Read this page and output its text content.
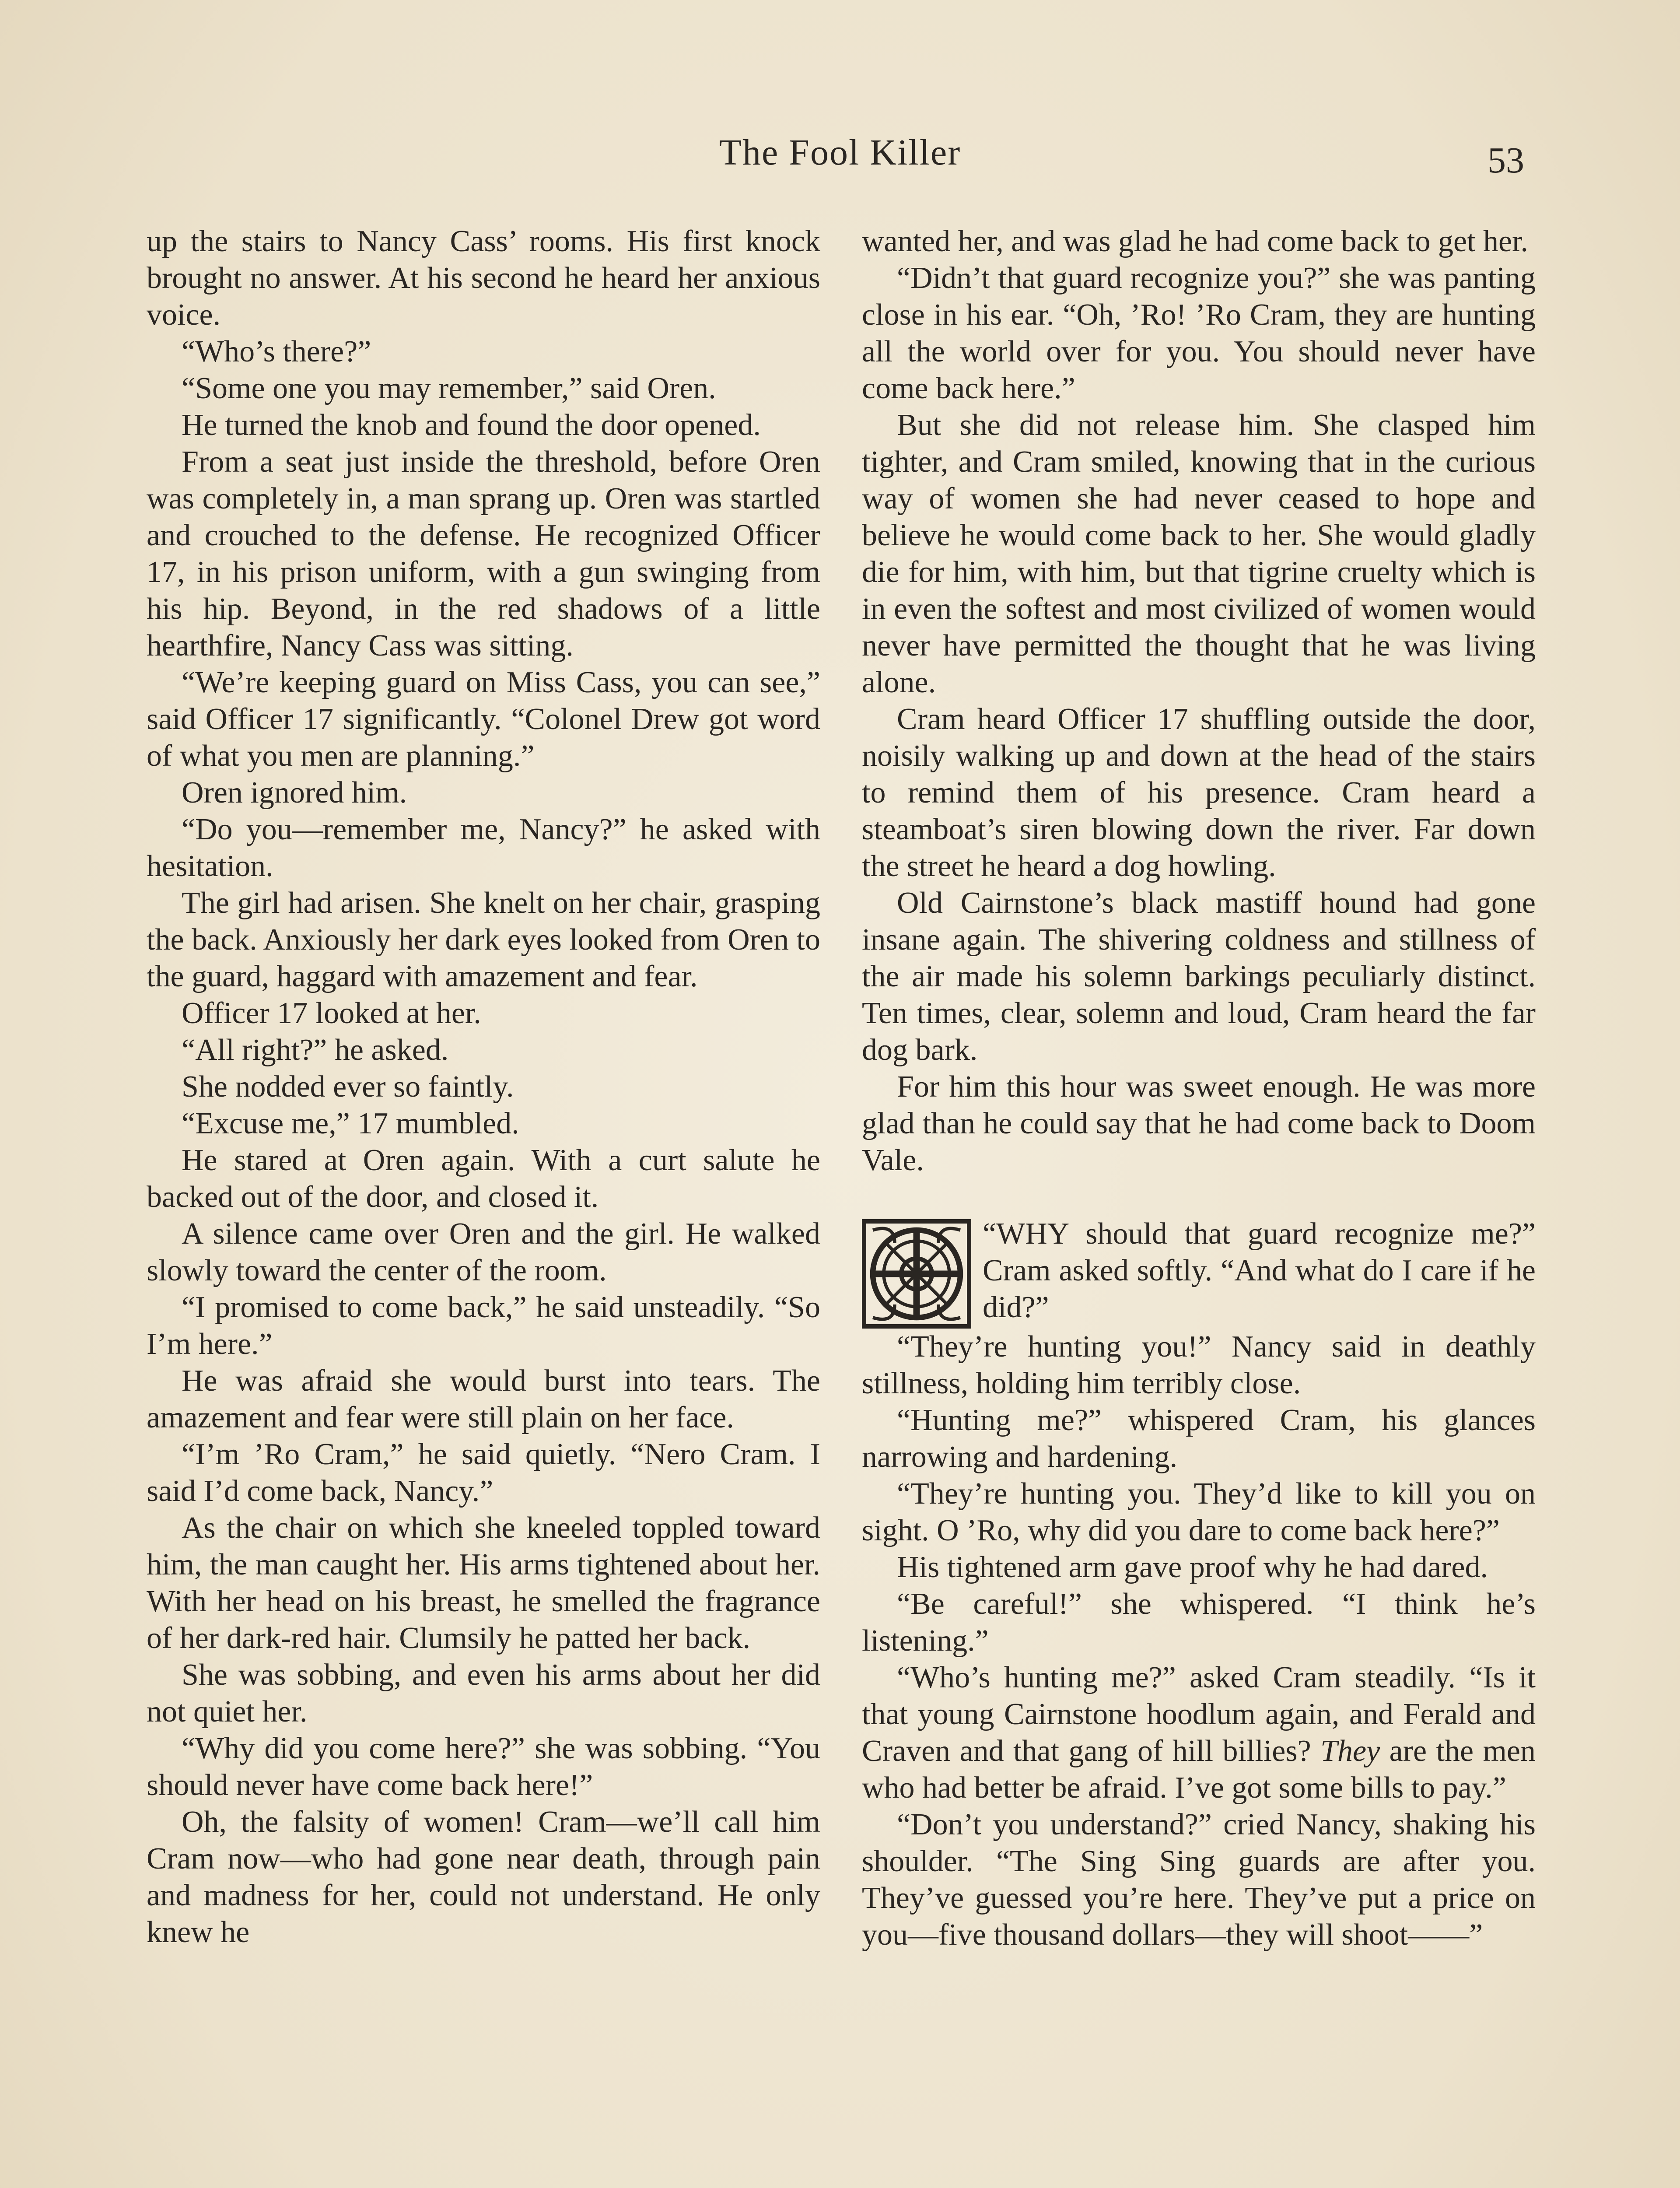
The Fool Killer	53

up the stairs to Nancy Cass’ rooms. His first knock brought no answer. At his second he heard her anxious voice.

“Who’s there?”

“Some one you may remember,” said Oren.

He turned the knob and found the door opened.

From a seat just inside the threshold, before Oren was completely in, a man sprang up. Oren was startled and crouched to the defense. He recognized Officer 17, in his prison uniform, with a gun swinging from his hip. Beyond, in the red shadows of a little hearthfire, Nancy Cass was sitting.

“We’re keeping guard on Miss Cass, you can see,” said Officer 17 significantly. “Colonel Drew got word of what you men are planning.”

Oren ignored him.

“Do you—remember me, Nancy?” he asked with hesitation.

The girl had arisen. She knelt on her chair, grasping the back. Anxiously her dark eyes looked from Oren to the guard, haggard with amazement and fear.

Officer 17 looked at her.

“All right?” he asked.

She nodded ever so faintly.

“Excuse me,” 17 mumbled.

He stared at Oren again. With a curt salute he backed out of the door, and closed it.

A silence came over Oren and the girl. He walked slowly toward the center of the room.

“I promised to come back,” he said unsteadily. “So I’m here.”

He was afraid she would burst into tears. The amazement and fear were still plain on her face.

“I’m ’Ro Cram,” he said quietly. “Nero Cram. I said I’d come back, Nancy.”

As the chair on which she kneeled toppled toward him, the man caught her. His arms tightened about her. With her head on his breast, he smelled the fragrance of her dark-red hair. Clumsily he patted her back.

She was sobbing, and even his arms about her did not quiet her.

“Why did you come here?” she was sobbing. “You should never have come back here!”

Oh, the falsity of women! Cram—we’ll call him Cram now—who had gone near death, through pain and madness for her, could not understand. He only knew he

wanted her, and was glad he had come back to get her.

“Didn’t that guard recognize you?” she was panting close in his ear. “Oh, ’Ro! ’Ro Cram, they are hunting all the world over for you. You should never have come back here.”

But she did not release him. She clasped him tighter, and Cram smiled, knowing that in the curious way of women she had never ceased to hope and believe he would come back to her. She would gladly die for him, with him, but that tigrine cruelty which is in even the softest and most civilized of women would never have permitted the thought that he was living alone.

Cram heard Officer 17 shuffling outside the door, noisily walking up and down at the head of the stairs to remind them of his presence. Cram heard a steamboat’s siren blowing down the river. Far down the street he heard a dog howling.

Old Cairnstone’s black mastiff hound had gone insane again. The shivering coldness and stillness of the air made his solemn barkings peculiarly distinct. Ten times, clear, solemn and loud, Cram heard the far dog bark.

For him this hour was sweet enough. He was more glad than he could say that he had come back to Doom Vale.

“WHY should that guard recognize me?” Cram asked softly. “And what do I care if he did?”

“They’re hunting you!” Nancy said in deathly stillness, holding him terribly close.

“Hunting me?” whispered Cram, his glances narrowing and hardening.

“They’re hunting you. They’d like to kill you on sight. O ’Ro, why did you dare to come back here?”

His tightened arm gave proof why he had dared.

“Be careful!” she whispered. “I think he’s listening.”

“Who’s hunting me?” asked Cram steadily. “Is it that young Cairnstone hoodlum again, and Ferald and Craven and that gang of hill billies? They are the men who had better be afraid. I’ve got some bills to pay.”

“Don’t you understand?” cried Nancy, shaking his shoulder. “The Sing Sing guards are after you. They’ve guessed you’re here. They’ve put a price on you—five thousand dollars—they will shoot——”
